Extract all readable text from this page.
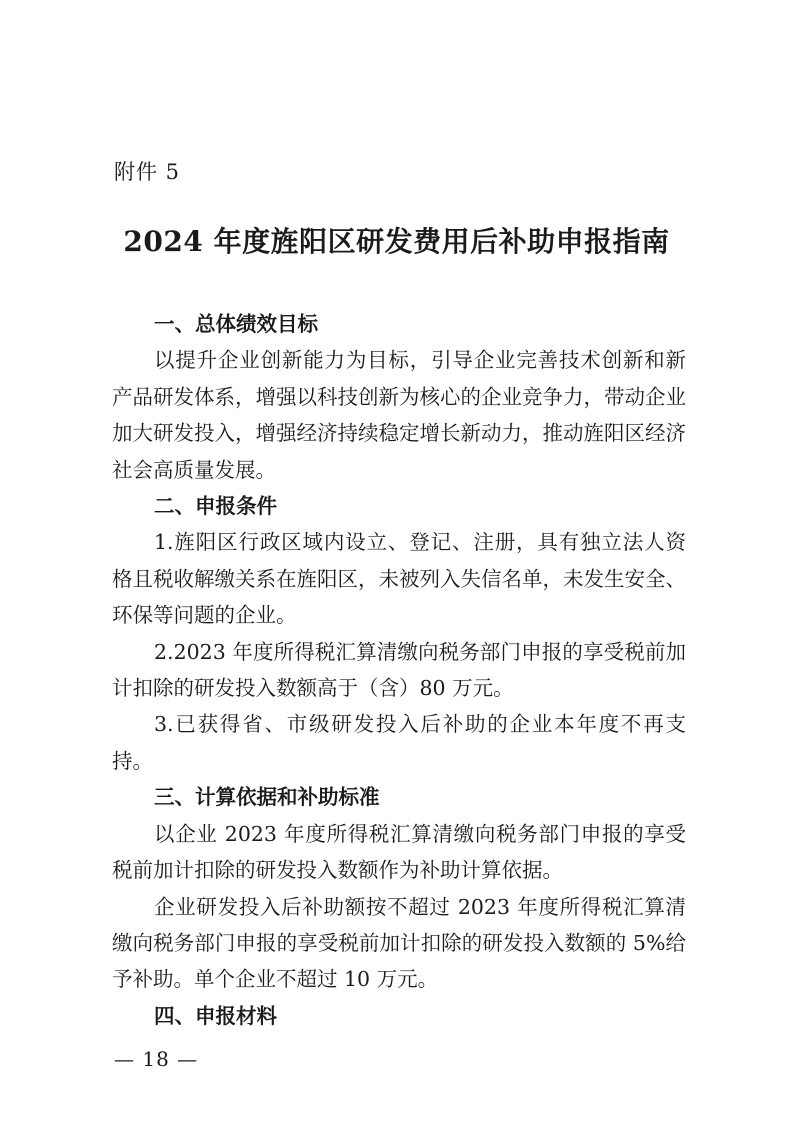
附件 5
2024 年度旌阳区研发费用后补助申报指南

一、总体绩效目标

以提升企业创新能力为目标，引导企业完善技术创新和新产品研发体系，增强以科技创新为核心的企业竞争力，带动企业加大研发投入，增强经济持续稳定增长新动力，推动旌阳区经济社会高质量发展。

二、申报条件

1.旌阳区行政区域内设立、登记、注册，具有独立法人资格且税收解缴关系在旌阳区，未被列入失信名单，未发生安全、环保等问题的企业。

2.2023 年度所得税汇算清缴向税务部门申报的享受税前加计扣除的研发投入数额高于（含）80 万元。

3.已获得省、市级研发投入后补助的企业本年度不再支持。

三、计算依据和补助标准

以企业 2023 年度所得税汇算清缴向税务部门申报的享受税前加计扣除的研发投入数额作为补助计算依据。

企业研发投入后补助额按不超过 2023 年度所得税汇算清缴向税务部门申报的享受税前加计扣除的研发投入数额的 5%给予补助。单个企业不超过 10 万元。

四、申报材料

— 18 —
